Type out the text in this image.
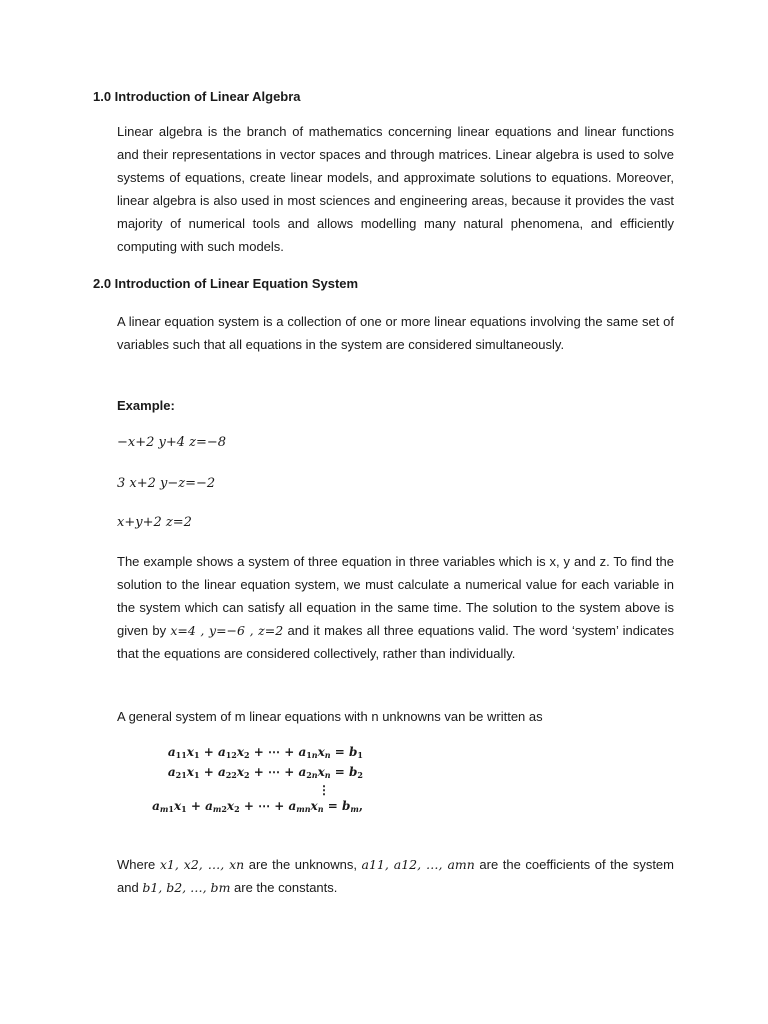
1.0 Introduction of Linear Algebra

Linear algebra is the branch of mathematics concerning linear equations and linear functions and their representations in vector spaces and through matrices. Linear algebra is used to solve systems of equations, create linear models, and approximate solutions to equations. Moreover, linear algebra is also used in most sciences and engineering areas, because it provides the vast majority of numerical tools and allows modelling many natural phenomena, and efficiently computing with such models.

2.0 Introduction of Linear Equation System

A linear equation system is a collection of one or more linear equations involving the same set of variables such that all equations in the system are considered simultaneously.

Example:

−x+2 y+4 z=−8

3 x+2 y−z=−2

x+y+2 z=2

The example shows a system of three equation in three variables which is x, y and z. To find the solution to the linear equation system, we must calculate a numerical value for each variable in the system which can satisfy all equation in the same time. The solution to the system above is given by x=4 , y=−6 , z=2 and it makes all three equations valid. The word ‘system’ indicates that the equations are considered collectively, rather than individually.

A general system of m linear equations with n unknowns van be written as

$a_{11}x_1 + a_{12}x_2$ + ⋯ + $a_{1n}x_n = b_1$
$a_{21}x_1 + a_{22}x_2$ + ⋯ + $a_{2n}x_n = b_2$
⋮
$a_{m1}x_1 + a_{m2}x_2$ + ⋯ + $a_{mn}x_n = b_m$,

Where x1, x2, …, xn are the unknowns, a11, a12, …, amn are the coefficients of the system and b1, b2, …, bm are the constants.
